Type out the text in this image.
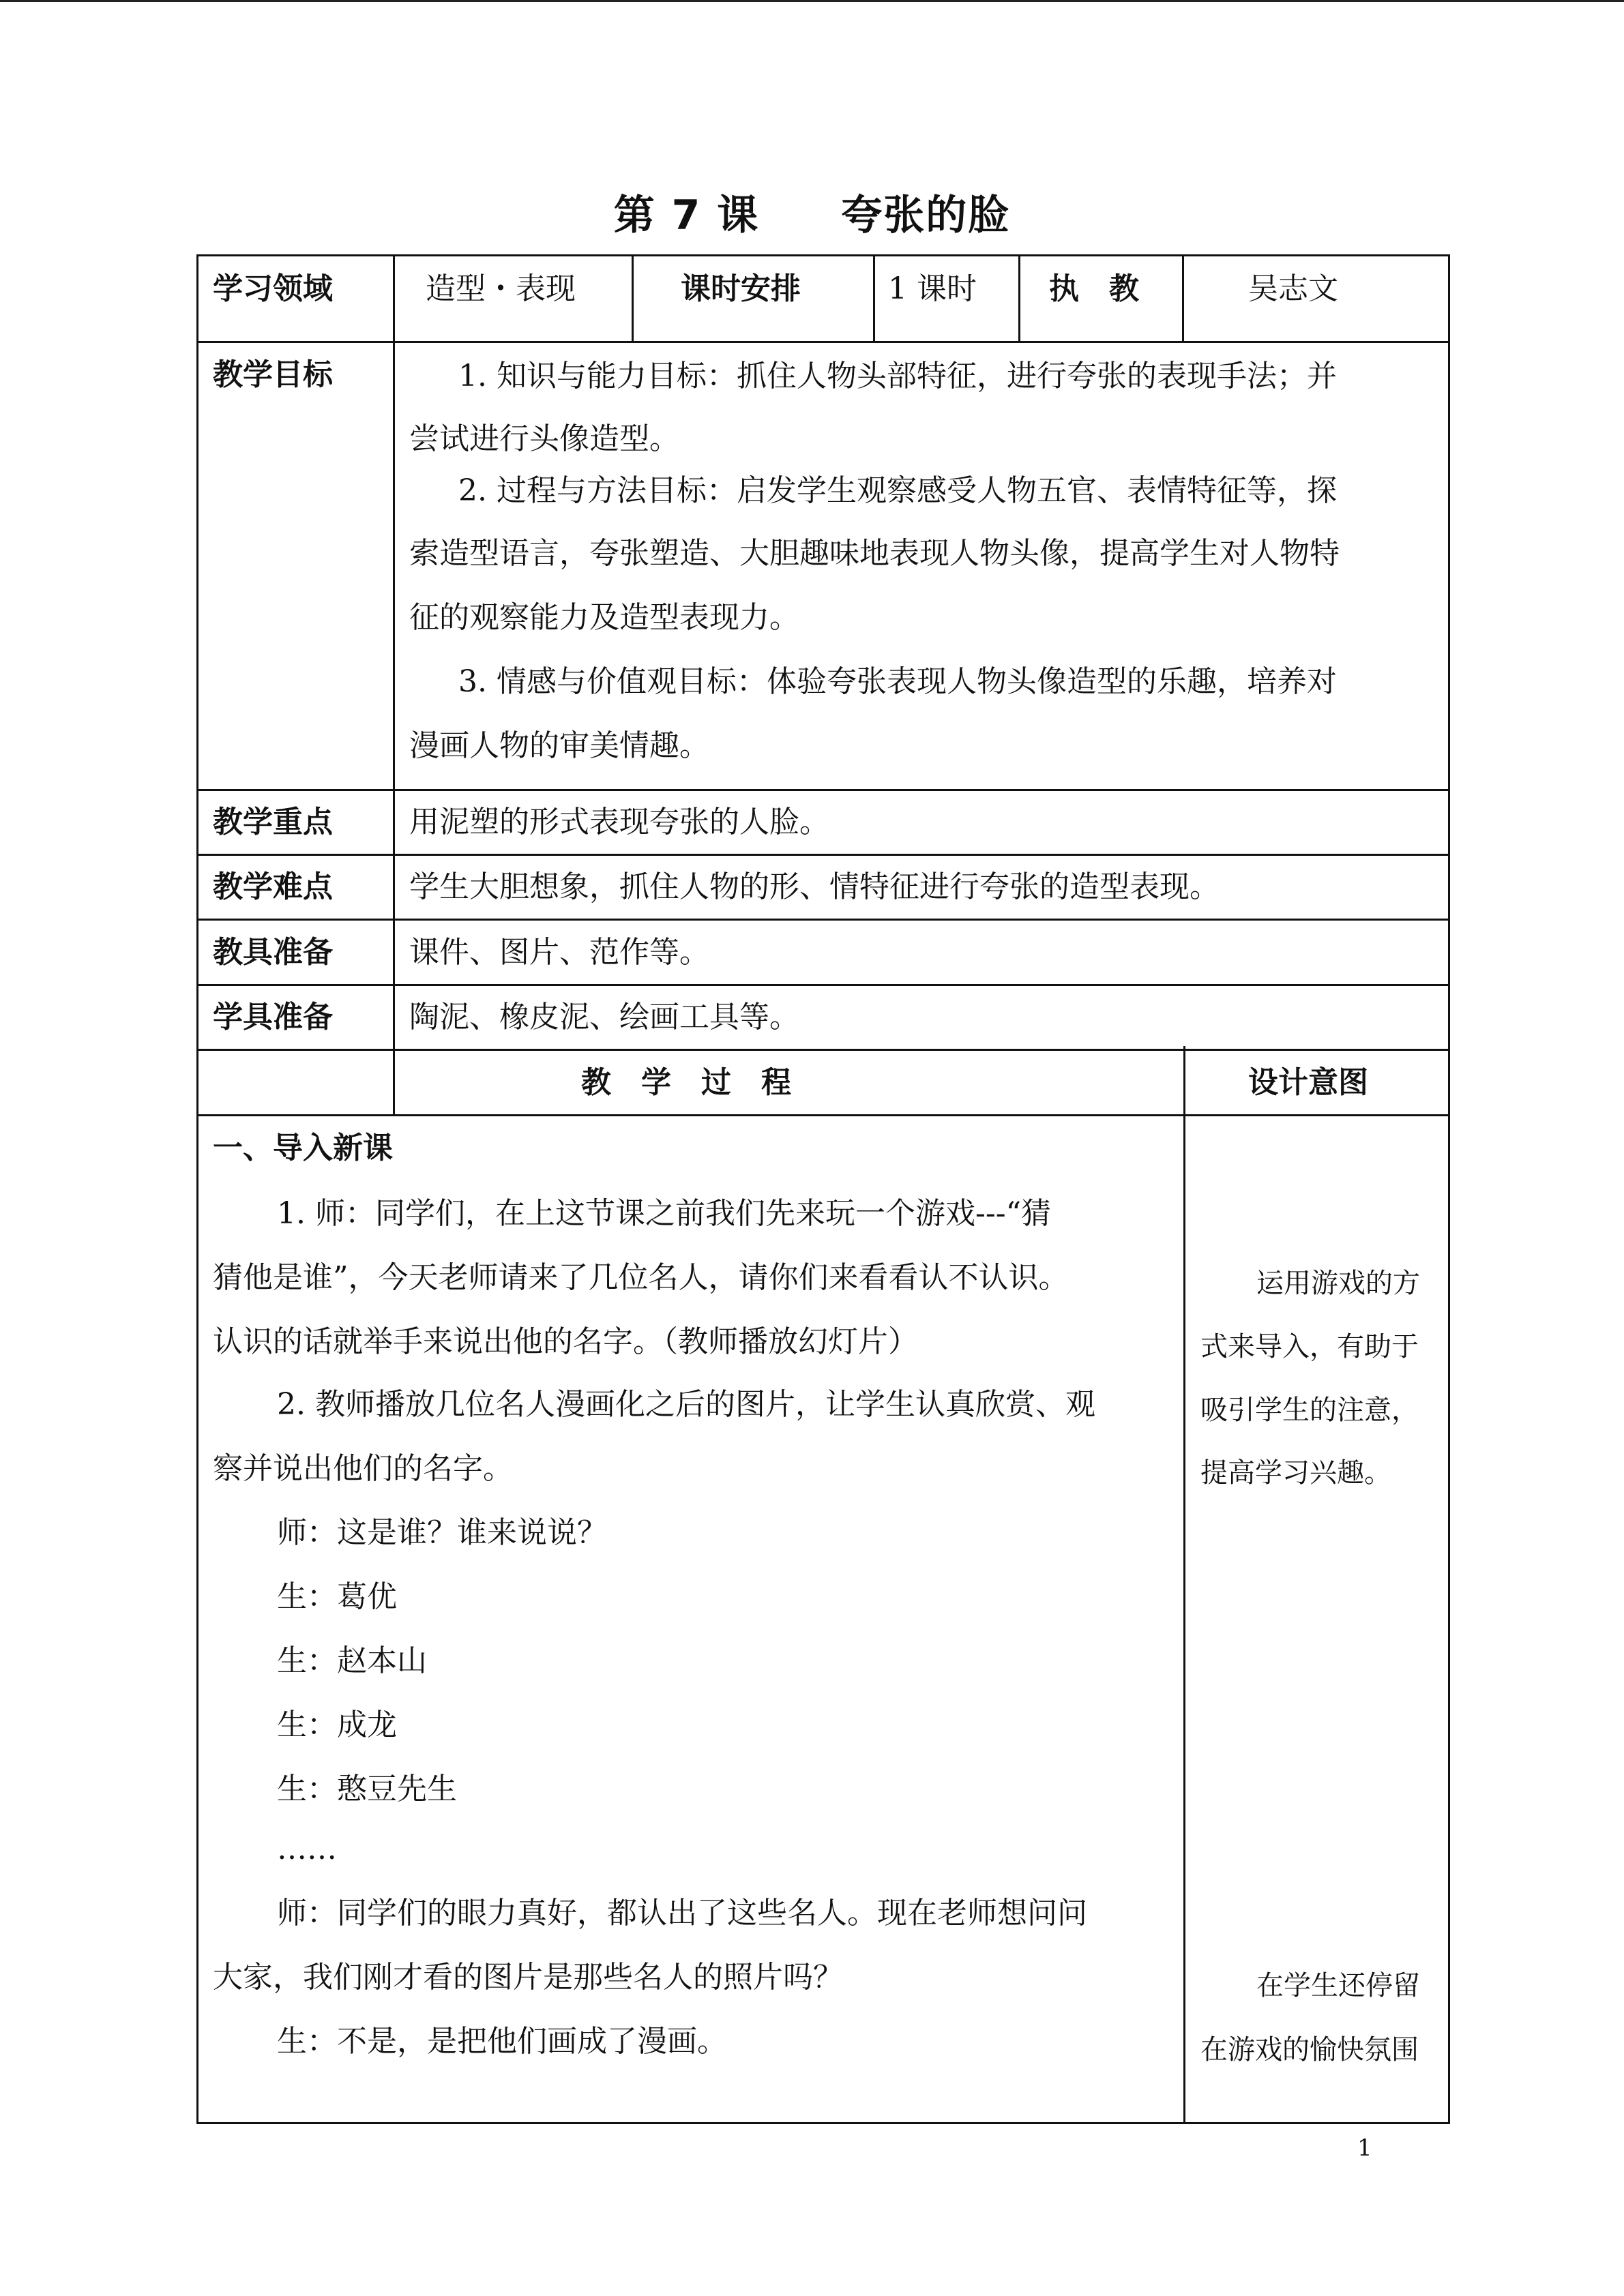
第 7 课 夸张的脸
学习领域	造型・表现	课时安排	1 课时 执　教	吴志文
教学目标	1. 知识与能力目标：抓住人物头部特征，进行夸张的表现手法；并
尝试进行头像造型。
2. 过程与方法目标：启发学生观察感受人物五官、表情特征等，探
索造型语言，夸张塑造、大胆趣味地表现人物头像，提高学生对人物特
征的观察能力及造型表现力。
3. 情感与价值观目标：体验夸张表现人物头像造型的乐趣，培养对
漫画人物的审美情趣。
教学重点	用泥塑的形式表现夸张的人脸。
教学难点	学生大胆想象，抓住人物的形、情特征进行夸张的造型表现。
教具准备	课件、图片、范作等。
学具准备	陶泥、橡皮泥、绘画工具等。
教　学　过　程	设计意图
一、导入新课
1. 师：同学们，在上这节课之前我们先来玩一个游戏---“猜
猜他是谁”，今天老师请来了几位名人，请你们来看看认不认识。
认识的话就举手来说出他的名字。（教师播放幻灯片）
2. 教师播放几位名人漫画化之后的图片，让学生认真欣赏、观
察并说出他们的名字。
师：这是谁？谁来说说？
生：葛优
生：赵本山
生：成龙
生：憨豆先生
……
师：同学们的眼力真好，都认出了这些名人。现在老师想问问
大家，我们刚才看的图片是那些名人的照片吗？
生：不是，是把他们画成了漫画。
运用游戏的方
式来导入，有助于
吸引学生的注意，
提高学习兴趣。
在学生还停留
在游戏的愉快氛围
1
